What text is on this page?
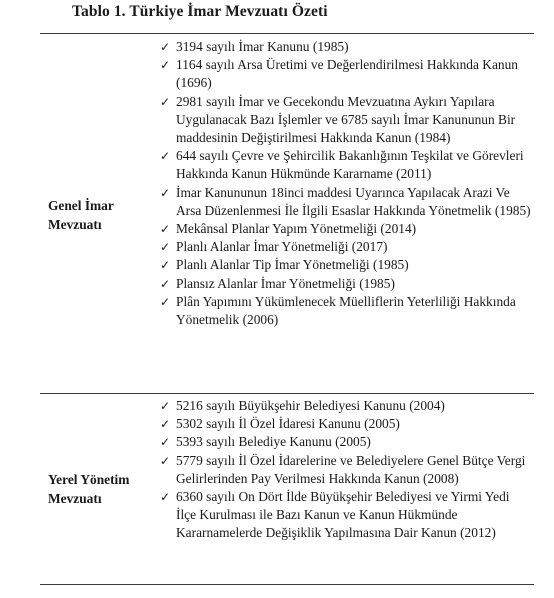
Tablo 1. Türkiye İmar Mevzuatı Özeti
Genel İmar Mevzuatı
✓ 3194 sayılı İmar Kanunu (1985)
✓ 1164 sayılı Arsa Üretimi ve Değerlendirilmesi Hakkında Kanun (1696)
✓ 2981 sayılı İmar ve Gecekondu Mevzuatına Aykırı Yapılara Uygulanacak Bazı İşlemler ve 6785 sayılı İmar Kanununun Bir maddesinin Değiştirilmesi Hakkında Kanun (1984)
✓ 644 sayılı Çevre ve Şehircilik Bakanlığının Teşkilat ve Görevleri Hakkında Kanun Hükmünde Kararname (2011)
✓ İmar Kanununun 18inci maddesi Uyarınca Yapılacak Arazi Ve Arsa Düzenlenmesi İle İlgili Esaslar Hakkında Yönetmelik (1985)
✓ Mekânsal Planlar Yapım Yönetmeliği (2014)
✓ Planlı Alanlar İmar Yönetmeliği (2017)
✓ Planlı Alanlar Tip İmar Yönetmeliği (1985)
✓ Plansız Alanlar İmar Yönetmeliği (1985)
✓ Plân Yapımını Yükümlenecek Müelliflerin Yeterliliği Hakkında Yönetmelik (2006)
Yerel Yönetim Mevzuatı
✓ 5216 sayılı Büyükşehir Belediyesi Kanunu (2004)
✓ 5302 sayılı İl Özel İdaresi Kanunu (2005)
✓ 5393 sayılı Belediye Kanunu (2005)
✓ 5779 sayılı İl Özel İdarelerine ve Belediyelere Genel Bütçe Vergi Gelirlerinden Pay Verilmesi Hakkında Kanun (2008)
✓ 6360 sayılı On Dört İlde Büyükşehir Belediyesi ve Yirmi Yedi İlçe Kurulması ile Bazı Kanun ve Kanun Hükmünde Kararnamelerde Değişiklik Yapılmasına Dair Kanun (2012)
